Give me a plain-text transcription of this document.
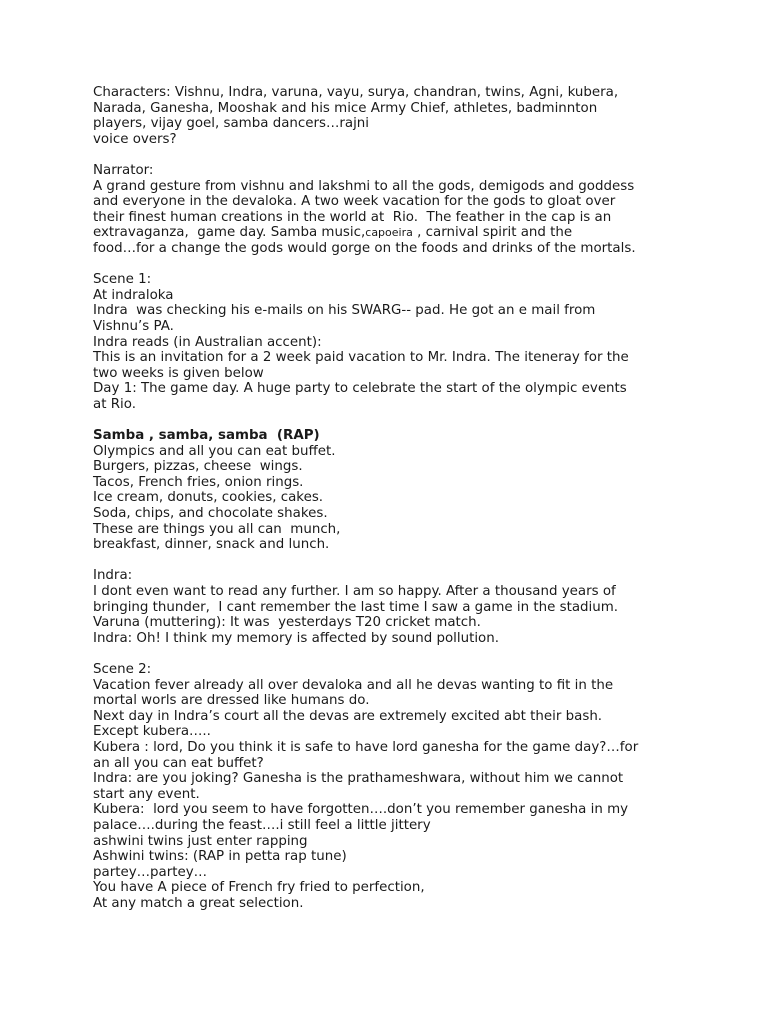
Characters: Vishnu, Indra, varuna, vayu, surya, chandran, twins, Agni, kubera,
Narada, Ganesha, Mooshak and his mice Army Chief, athletes, badminnton
players, vijay goel, samba dancers…rajni
voice overs?
Narrator:
A grand gesture from vishnu and lakshmi to all the gods, demigods and goddess
and everyone in the devaloka. A two week vacation for the gods to gloat over
their finest human creations in the world at  Rio.  The feather in the cap is an
extravaganza,  game day. Samba music,capoeira , carnival spirit and the
food…for a change the gods would gorge on the foods and drinks of the mortals.
Scene 1:
At indraloka
Indra  was checking his e-mails on his SWARG-- pad. He got an e mail from
Vishnu’s PA.
Indra reads (in Australian accent):
This is an invitation for a 2 week paid vacation to Mr. Indra. The iteneray for the
two weeks is given below
Day 1: The game day. A huge party to celebrate the start of the olympic events
at Rio.
Samba , samba, samba  (RAP)
Olympics and all you can eat buffet.
Burgers, pizzas, cheese  wings.
Tacos, French fries, onion rings.
Ice cream, donuts, cookies, cakes.
Soda, chips, and chocolate shakes.
These are things you all can  munch,
breakfast, dinner, snack and lunch.
Indra:
I dont even want to read any further. I am so happy. After a thousand years of
bringing thunder,  I cant remember the last time I saw a game in the stadium.
Varuna (muttering): It was  yesterdays T20 cricket match.
Indra: Oh! I think my memory is affected by sound pollution.
Scene 2:
Vacation fever already all over devaloka and all he devas wanting to fit in the
mortal worls are dressed like humans do.
Next day in Indra’s court all the devas are extremely excited abt their bash.
Except kubera…..
Kubera : lord, Do you think it is safe to have lord ganesha for the game day?…for
an all you can eat buffet?
Indra: are you joking? Ganesha is the prathameshwara, without him we cannot
start any event.
Kubera:  lord you seem to have forgotten….don’t you remember ganesha in my
palace….during the feast….i still feel a little jittery
ashwini twins just enter rapping
Ashwini twins: (RAP in petta rap tune)
partey…partey…
You have A piece of French fry fried to perfection,
At any match a great selection.
